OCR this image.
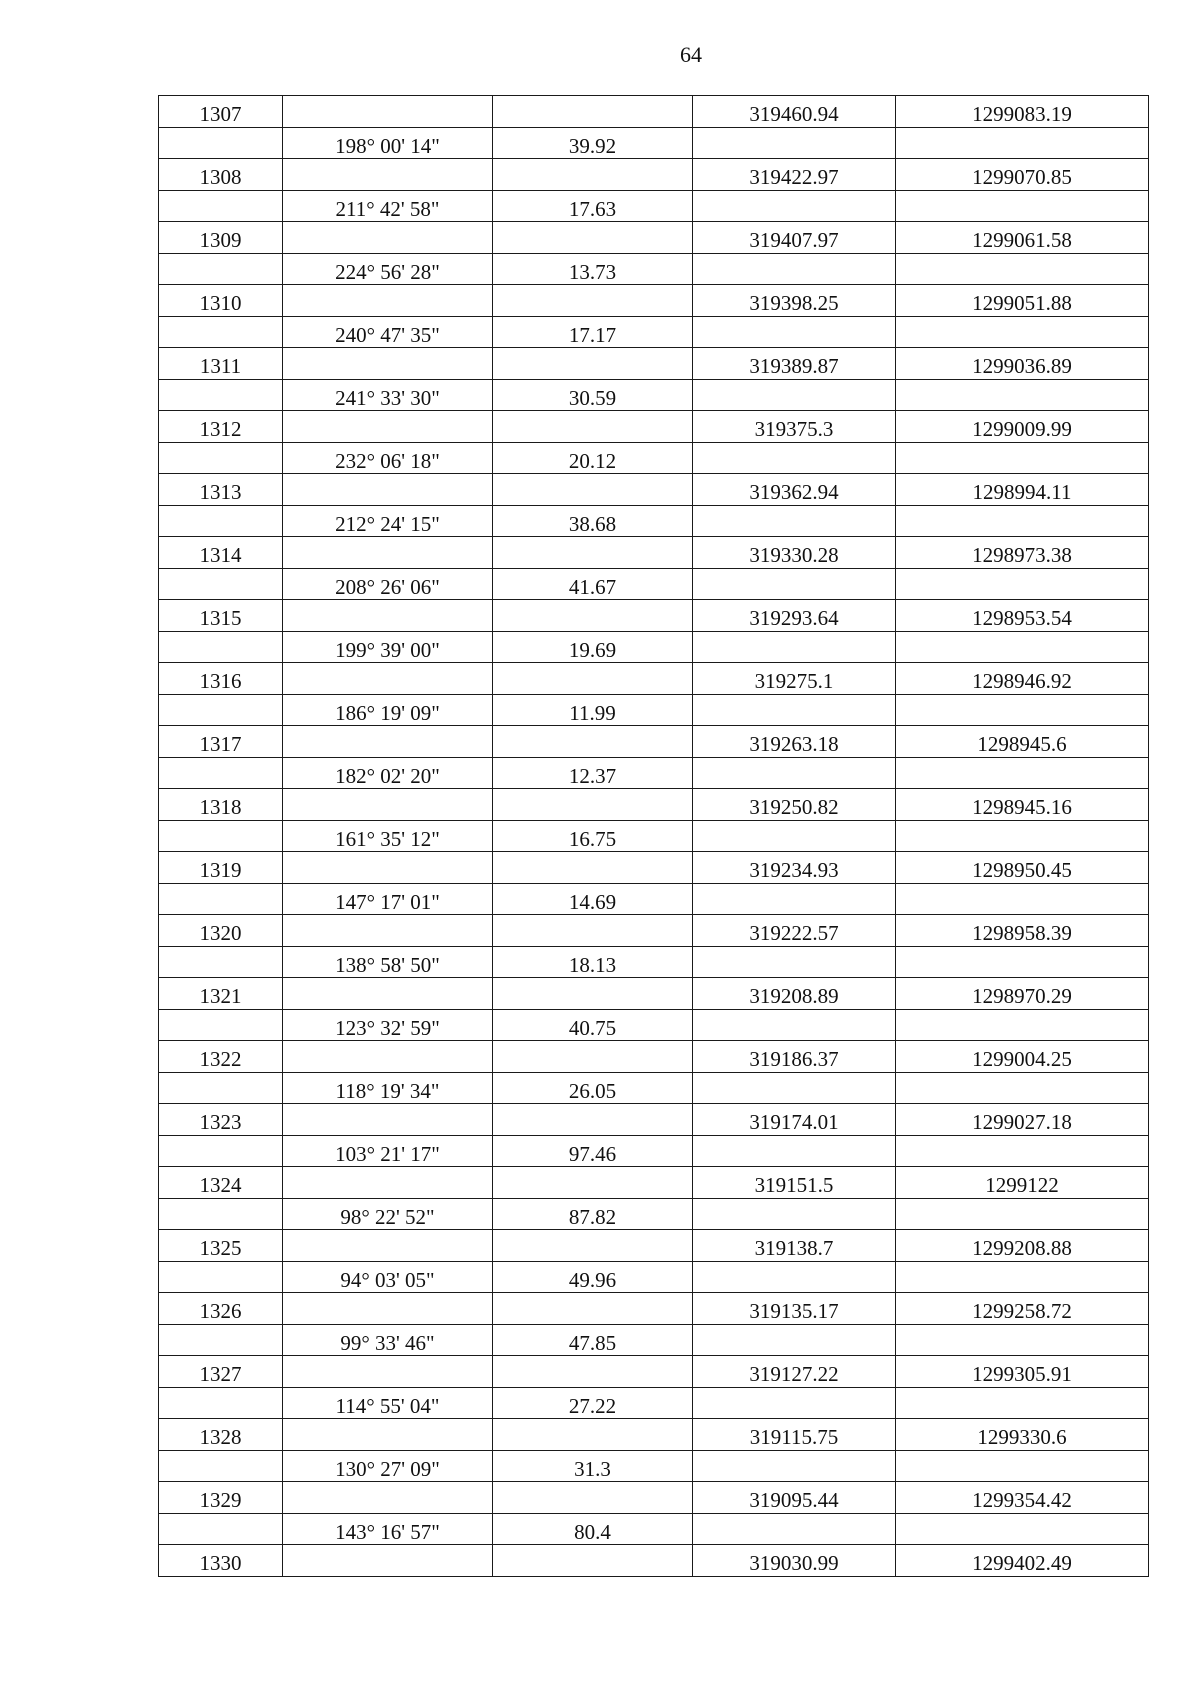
64
1307			319460.94	1299083.19
	198° 00' 14"	39.92		
1308			319422.97	1299070.85
	211° 42' 58"	17.63		
1309			319407.97	1299061.58
	224° 56' 28"	13.73		
1310			319398.25	1299051.88
	240° 47' 35"	17.17		
1311			319389.87	1299036.89
	241° 33' 30"	30.59		
1312			319375.3	1299009.99
	232° 06' 18"	20.12		
1313			319362.94	1298994.11
	212° 24' 15"	38.68		
1314			319330.28	1298973.38
	208° 26' 06"	41.67		
1315			319293.64	1298953.54
	199° 39' 00"	19.69		
1316			319275.1	1298946.92
	186° 19' 09"	11.99		
1317			319263.18	1298945.6
	182° 02' 20"	12.37		
1318			319250.82	1298945.16
	161° 35' 12"	16.75		
1319			319234.93	1298950.45
	147° 17' 01"	14.69		
1320			319222.57	1298958.39
	138° 58' 50"	18.13		
1321			319208.89	1298970.29
	123° 32' 59"	40.75		
1322			319186.37	1299004.25
	118° 19' 34"	26.05		
1323			319174.01	1299027.18
	103° 21' 17"	97.46		
1324			319151.5	1299122
	98° 22' 52"	87.82		
1325			319138.7	1299208.88
	94° 03' 05"	49.96		
1326			319135.17	1299258.72
	99° 33' 46"	47.85		
1327			319127.22	1299305.91
	114° 55' 04"	27.22		
1328			319115.75	1299330.6
	130° 27' 09"	31.3		
1329			319095.44	1299354.42
	143° 16' 57"	80.4		
1330			319030.99	1299402.49
